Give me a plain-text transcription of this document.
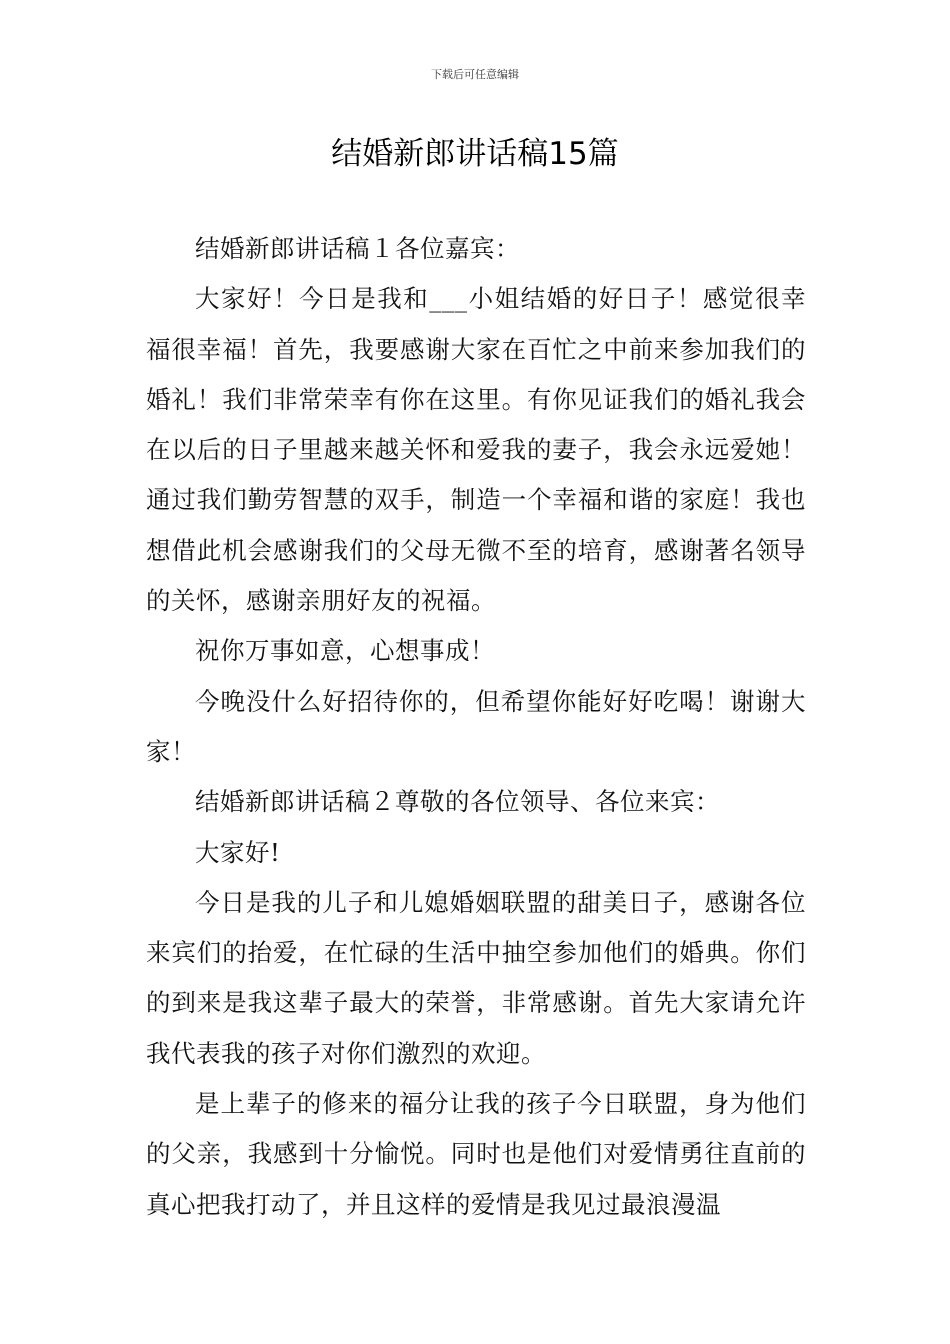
下载后可任意编辑
结婚新郎讲话稿15篇

结婚新郎讲话稿１各位嘉宾：

大家好！今日是我和___小姐结婚的好日子！感觉很幸福很幸福！首先，我要感谢大家在百忙之中前来参加我们的婚礼！我们非常荣幸有你在这里。有你见证我们的婚礼我会在以后的日子里越来越关怀和爱我的妻子，我会永远爱她！通过我们勤劳智慧的双手，制造一个幸福和谐的家庭！我也想借此机会感谢我们的父母无微不至的培育，感谢著名领导的关怀，感谢亲朋好友的祝福。

祝你万事如意，心想事成！

今晚没什么好招待你的，但希望你能好好吃喝！谢谢大家！

结婚新郎讲话稿２尊敬的各位领导、各位来宾：

大家好!

今日是我的儿子和儿媳婚姻联盟的甜美日子，感谢各位来宾们的抬爱，在忙碌的生活中抽空参加他们的婚典。你们的到来是我这辈子最大的荣誉，非常感谢。首先大家请允许我代表我的孩子对你们激烈的欢迎。

是上辈子的修来的福分让我的孩子今日联盟，身为他们的父亲，我感到十分愉悦。同时也是他们对爱情勇往直前的真心把我打动了，并且这样的爱情是我见过最浪漫温
